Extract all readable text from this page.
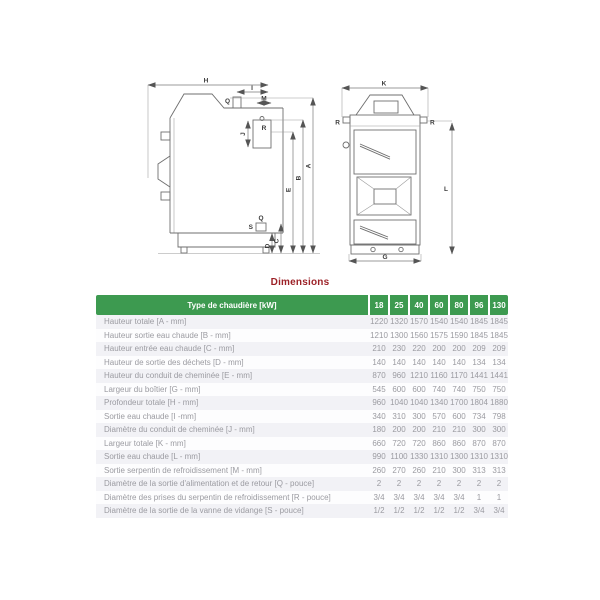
H
I
Q	M
R
J
E
B
A
Q
S
D
C
K
R	R
L
G
Dimensions
Type de chaudière [kW]	18	25	40	60	80	96	130
Hauteur totale [A - mm]	1220 1320 1570 1540 1540 1845 1845
Hauteur sortie eau chaude [B - mm]	1210 1300 1560 1575 1590 1845 1845
Hauteur entrée eau chaude [C - mm]	210 230 220 200 200 209 209
Hauteur de sortie des déchets [D - mm]	140 140 140 140 140 134 134
Hauteur du conduit de cheminée [E - mm]	870 960 1210 1160 1170 1441 1441
Largeur du boîtier [G - mm]	545 600 600 740 740 750 750
Profondeur totale [H - mm]	960 1040 1040 1340 1700 1804 1880
Sortie eau chaude [I -mm]	340 310 300 570 600 734 798
Diamètre du conduit de cheminée [J - mm]	180 200 200 210 210 300 300
Largeur totale [K - mm]	660 720 720 860 860 870 870
Sortie eau chaude [L - mm]	990 1100 1330 1310 1300 1310 1310
Sortie serpentin de refroidissement [M - mm]	260 270 260 210 300 313 313
Diamètre de la sortie d'alimentation et de retour [Q - pouce]	2	2	2	2	2	2	2
Diamètre des prises du serpentin de refroidissement [R - pouce]	3/4	3/4	3/4	3/4	3/4	1	1
Diamètre de la sortie de la vanne de vidange [S - pouce]	1/2	1/2	1/2	1/2	1/2	3/4	3/4
